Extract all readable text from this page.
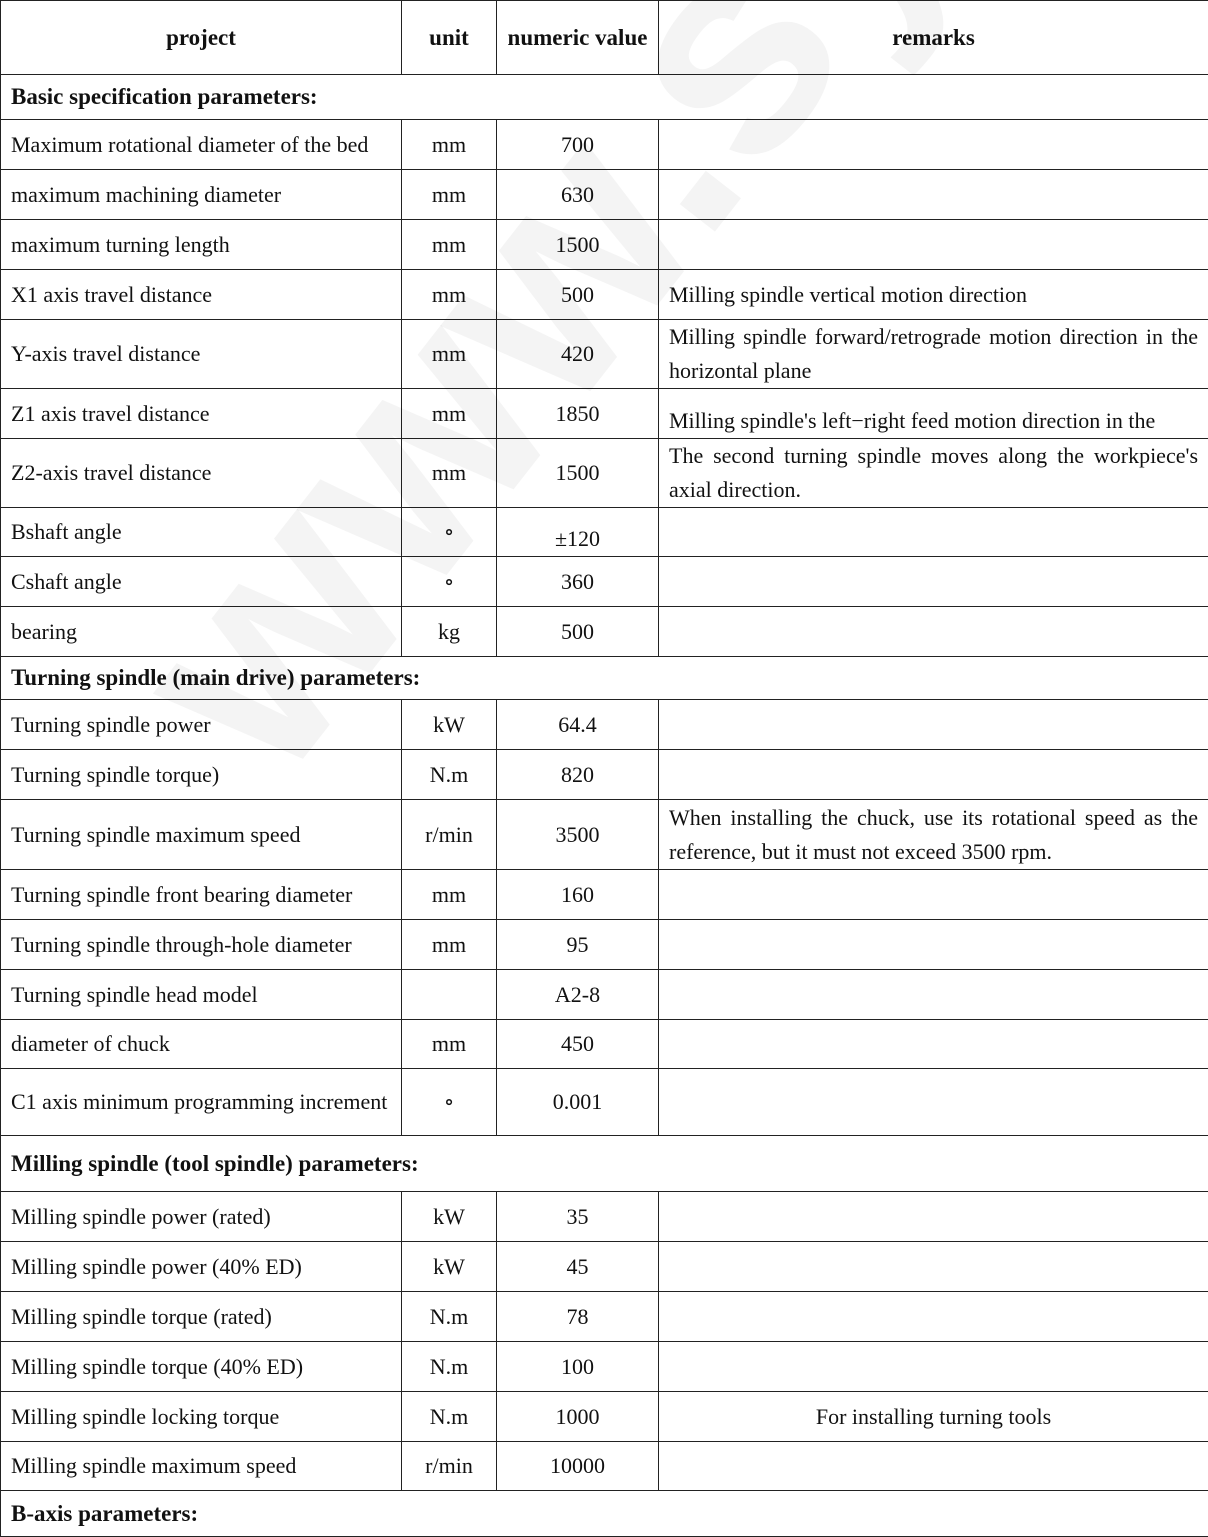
project	unit	numeric value	remarks
Basic specification parameters:			
Maximum rotational diameter of the bed	mm	700	
maximum machining diameter	mm	630	
maximum turning length	mm	1500	
X1 axis travel distance	mm	500	Milling spindle vertical motion direction
Y-axis travel distance	mm	420	Milling spindle forward/retrograde motion direction in the horizontal plane
Z1 axis travel distance	mm	1850	Milling spindle's left−right feed motion direction in the
Z2-axis travel distance	mm	1500	The second turning spindle moves along the workpiece's axial direction.
Bshaft angle	∘	±120	
Cshaft angle	∘	360	
bearing	kg	500	
Turning spindle (main drive) parameters:			
Turning spindle power	kW	64.4	
Turning spindle torque)	N.m	820	
Turning spindle maximum speed	r/min	3500	When installing the chuck, use its rotational speed as the reference, but it must not exceed 3500 rpm.
Turning spindle front bearing diameter	mm	160	
Turning spindle through-hole diameter	mm	95	
Turning spindle head model		A2-8	
diameter of chuck	mm	450	
C1 axis minimum programming increment	∘	0.001	
Milling spindle (tool spindle) parameters:			
Milling spindle power (rated)	kW	35	
Milling spindle power (40% ED)	kW	45	
Milling spindle torque (rated)	N.m	78	
Milling spindle torque (40% ED)	N.m	100	
Milling spindle locking torque	N.m	1000	For installing turning tools
Milling spindle maximum speed	r/min	10000	
B-axis parameters:			
